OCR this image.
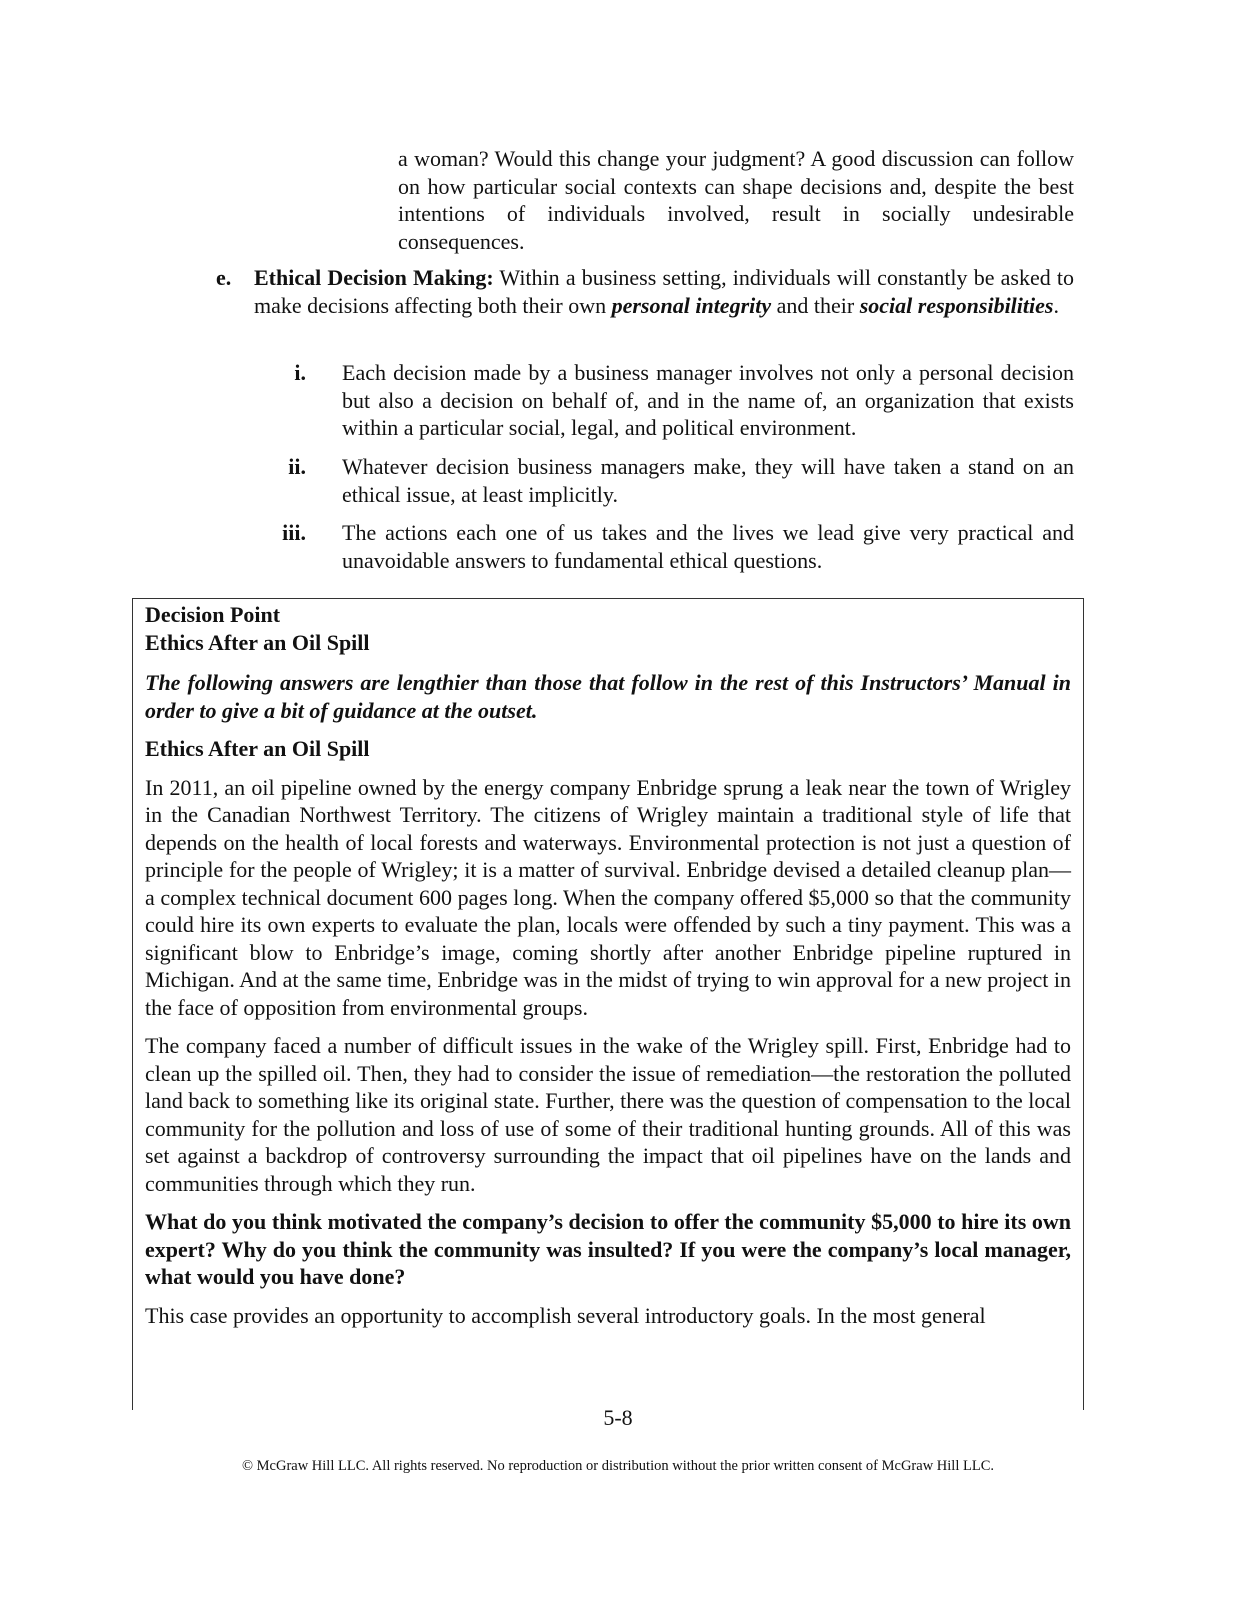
a woman? Would this change your judgment? A good discussion can follow on how particular social contexts can shape decisions and, despite the best intentions of individuals involved, result in socially undesirable consequences.

e. Ethical Decision Making: Within a business setting, individuals will constantly be asked to make decisions affecting both their own personal integrity and their social responsibilities.

i. Each decision made by a business manager involves not only a personal decision but also a decision on behalf of, and in the name of, an organization that exists within a particular social, legal, and political environment.

ii. Whatever decision business managers make, they will have taken a stand on an ethical issue, at least implicitly.

iii. The actions each one of us takes and the lives we lead give very practical and unavoidable answers to fundamental ethical questions.

Decision Point

Ethics After an Oil Spill

The following answers are lengthier than those that follow in the rest of this Instructors’ Manual in order to give a bit of guidance at the outset.

Ethics After an Oil Spill

In 2011, an oil pipeline owned by the energy company Enbridge sprung a leak near the town of Wrigley in the Canadian Northwest Territory. The citizens of Wrigley maintain a traditional style of life that depends on the health of local forests and waterways. Environmental protection is not just a question of principle for the people of Wrigley; it is a matter of survival. Enbridge devised a detailed cleanup plan—a complex technical document 600 pages long. When the company offered $5,000 so that the community could hire its own experts to evaluate the plan, locals were offended by such a tiny payment. This was a significant blow to Enbridge’s image, coming shortly after another Enbridge pipeline ruptured in Michigan. And at the same time, Enbridge was in the midst of trying to win approval for a new project in the face of opposition from environmental groups.

The company faced a number of difficult issues in the wake of the Wrigley spill. First, Enbridge had to clean up the spilled oil. Then, they had to consider the issue of remediation—the restoration the polluted land back to something like its original state. Further, there was the question of compensation to the local community for the pollution and loss of use of some of their traditional hunting grounds. All of this was set against a backdrop of controversy surrounding the impact that oil pipelines have on the lands and communities through which they run.

What do you think motivated the company’s decision to offer the community $5,000 to hire its own expert? Why do you think the community was insulted? If you were the company’s local manager, what would you have done?

This case provides an opportunity to accomplish several introductory goals. In the most general

5-8
© McGraw Hill LLC. All rights reserved. No reproduction or distribution without the prior written consent of McGraw Hill LLC.
